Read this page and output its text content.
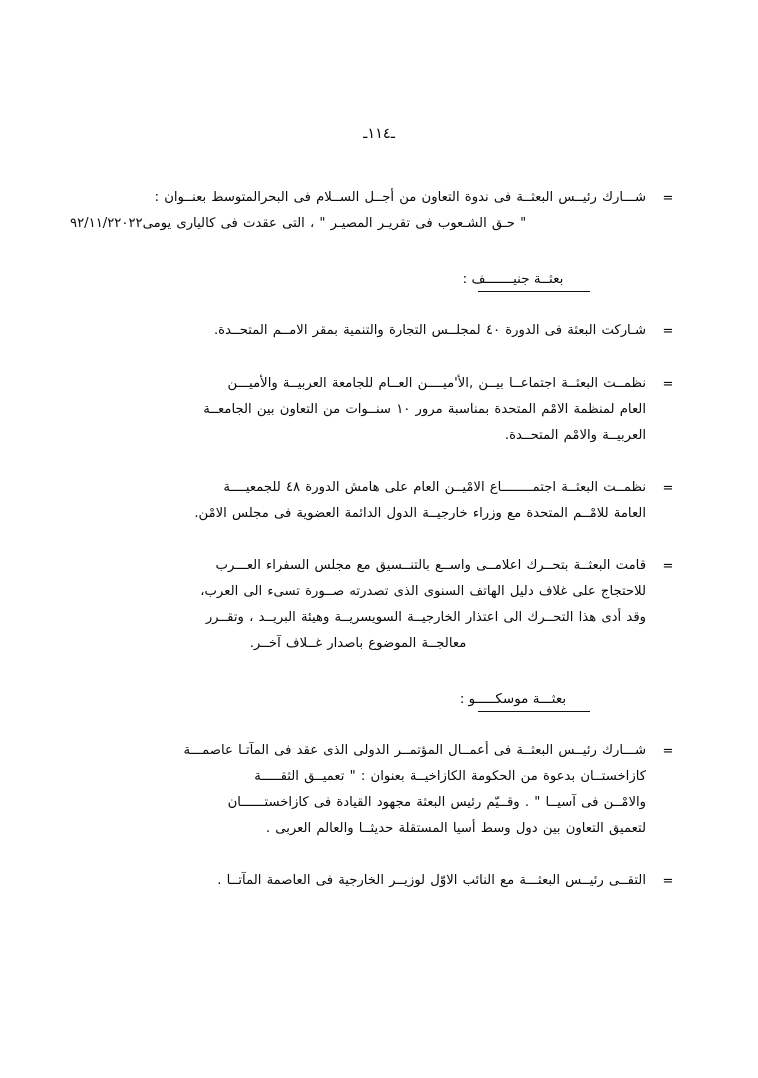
ـ١١٤ـ
=
شـــارك رئيــس البعثــة فى ندوة التعاون من أجــل الســلام فى البحرالمتوسط بعنــوان :
" حـق الشـعوب فى تقريـر المصيـر " ، التى عقدت فى كاليارى يومى٩٢/١١/٢٢٠٢٢
بعثــة جنيـــــــف :
=
شـاركت البعثة فى الدورة ٤٠ لمجلــس التجارة والتنمية بمقر الامــم المتحــدة.
=
نظمــت البعثــة اجتماعــا بيــن ,الأ'ميــــن العــام للجامعة العربيــة والأميـــن
العام لمنظمة الامْم المتحدة بمناسبة مرور ١٠ سنــوات من التعاون بين الجامعــة
العربيــة والامْم المتحــدة.
=
نظمــت البعثــة اجتمــــــــاع الامْيــن العام على هامش الدورة ٤٨ للجمعيــــة
العامة للامْــم المتحدة مع وزراء خارجيــة الدول الدائمة العضوية فى مجلس الامْن.
=
قامت البعثــة بتحــرك اعلامــى واســع بالتنــسيق مع مجلس السفراء العـــرب
للاحتجاج على غلاف دليل الهاتف السنوى الذى تصدرته صــورة تسىء الى العرب،
وقد أدى هذا التحــرك الى اعتذار الخارجيــة السويسريــة وهيئة البريــد ، وتقــرر
معالجــة الموضوع باصدار غــلاف آخــر.
بعثـــة موسكـــــو :
=
شـــارك رئيــس البعثــة فى أعمــال المؤتمــر الدولى الذى عقد فى المآتـا عاصمـــة
كازاخستــان بدعوة من الحكومة الكازاخيــة بعنوان : " تعميــق الثقـــــة
والامْــن فى آسيــا " . وقــيّم رئيس البعثة مجهود القيادة فى كازاخستــــــان
لتعميق التعاون بين دول وسط أسيا المستقلة حديثــا والعالم العربى .
=
التقــى رئيــس البعثـــة مع النائب الاوّل لوزيــر الخارجية فى العاصمة المآتــا .
